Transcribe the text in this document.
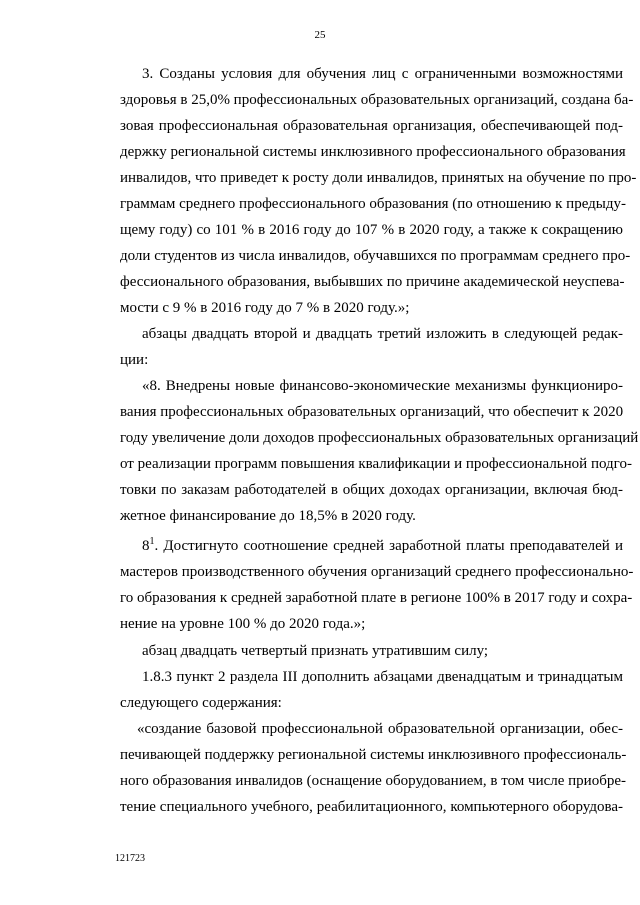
25
3. Созданы условия для обучения лиц с ограниченными возможностями
здоровья в 25,0% профессиональных образовательных организаций, создана ба-
зовая профессиональная образовательная организация, обеспечивающей под-
держку региональной системы инклюзивного профессионального образования
инвалидов, что приведет к росту доли инвалидов, принятых на обучение по про-
граммам среднего профессионального образования (по отношению к предыду-
щему году) со 101 % в 2016 году до 107 % в 2020 году, а также к сокращению
доли студентов из числа инвалидов, обучавшихся по программам среднего про-
фессионального образования, выбывших по причине академической неуспева-
мости с 9 % в 2016 году до 7 % в 2020 году.»;
абзацы двадцать второй и двадцать третий изложить в следующей редак-
ции:
«8. Внедрены новые финансово-экономические механизмы функциониро-
вания профессиональных образовательных организаций, что обеспечит к 2020
году увеличение доли доходов профессиональных образовательных организаций
от реализации программ повышения квалификации и профессиональной подго-
товки по заказам работодателей в общих доходах организации, включая бюд-
жетное финансирование до 18,5% в 2020 году.
$8^1$. Достигнуто соотношение средней заработной платы преподавателей и
мастеров производственного обучения организаций среднего профессионально-
го образования к средней заработной плате в регионе 100% в 2017 году и сохра-
нение на уровне 100 % до 2020 года.»;
абзац двадцать четвертый признать утратившим силу;
1.8.3 пункт 2 раздела III дополнить абзацами двенадцатым и тринадцатым
следующего содержания:
«создание базовой профессиональной образовательной организации, обес-
печивающей поддержку региональной системы инклюзивного профессиональ-
ного образования инвалидов (оснащение оборудованием, в том числе приобре-
тение специального учебного, реабилитационного, компьютерного оборудова-
121723
